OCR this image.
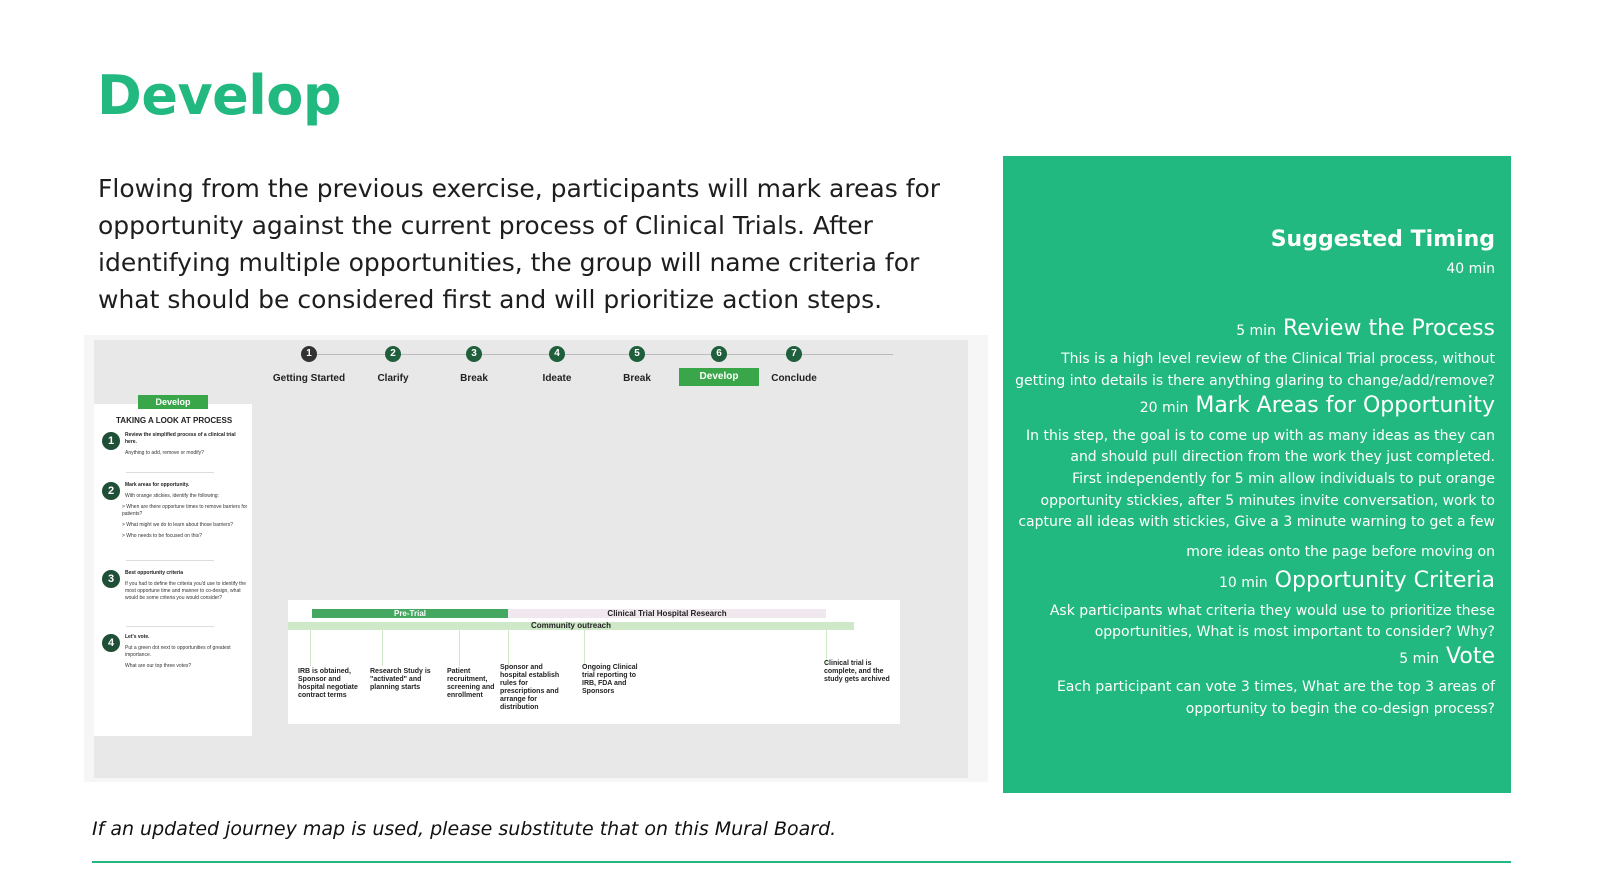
Develop
Flowing from the previous exercise, participants will mark areas for opportunity against the current process of Clinical Trials. After identifying multiple opportunities, the group will name criteria for what should be considered first and will prioritize action steps.
1
Getting Started
2
Clarify
3
Break
4
Ideate
5
Break
6
Develop
7
Conclude
TAKING A LOOK AT PROCESS
1	Review the simplified process of a clinical trial here.
Anything to add, remove or modify?
2	Mark areas for opportunity.
With orange stickies, identify the following:
> When are there opportune times to remove barriers for patients?
> What might we do to learn about those barriers?
> Who needs to be focused on this?
3	Best opportunity criteria
If you had to define the criteria you'd use to identify the most opportune time and manner to co-design, what would be some criteria you would consider?
4	Let's vote.
Put a green dot next to opportunities of greatest importance.
What are our top three votes?
Develop
Pre-Trial	Clinical Trial Hospital Research
Community outreach
IRB is obtained, Sponsor and hospital negotiate contract terms
Research Study is "activated" and planning starts
Patient recruitment, screening and enrollment
Sponsor and hospital establish rules for prescriptions and arrange for distribution
Ongoing Clinical trial reporting to IRB, FDA and Sponsors
Clinical trial is complete, and the study gets archived
Suggested Timing
40 min
5 min Review the Process
This is a high level review of the Clinical Trial process, without
getting into details is there anything glaring to change/add/remove?
20 min Mark Areas for Opportunity
In this step, the goal is to come up with as many ideas as they can
and should pull direction from the work they just completed.
First independently for 5 min allow individuals to put orange
opportunity stickies, after 5 minutes invite conversation, work to
capture all ideas with stickies, Give a 3 minute warning to get a few
more ideas onto the page before moving on
10 min Opportunity Criteria
Ask participants what criteria they would use to prioritize these
opportunities, What is most important to consider? Why?
5 min Vote
Each participant can vote 3 times, What are the top 3 areas of
opportunity to begin the co-design process?
If an updated journey map is used, please substitute that on this Mural Board.
